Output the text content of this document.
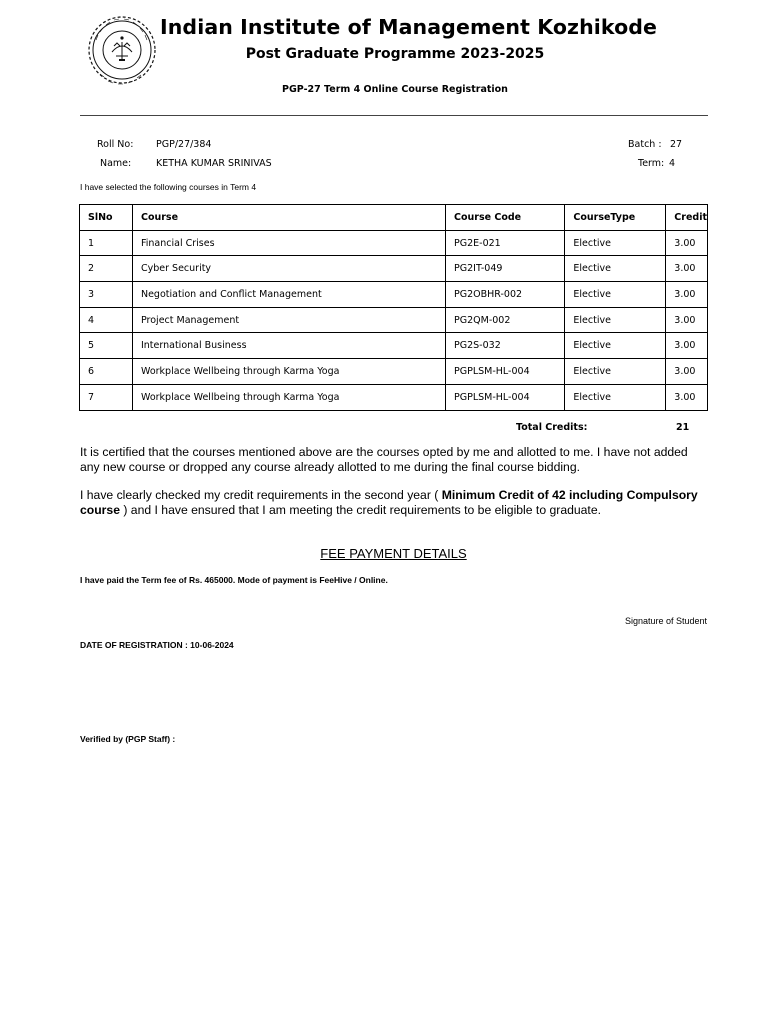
Indian Institute of Management Kozhikode
Post Graduate Programme 2023-2025
PGP-27 Term 4 Online Course Registration
Roll No: PGP/27/384
Name:	KETHA KUMAR SRINIVAS
Batch : 27
Term: 4
I have selected the following courses in Term 4
SlNo	Course	Course Code	CourseType	Credit
1	Financial Crises	PG2E-021	Elective	3.00
2	Cyber Security	PG2IT-049	Elective	3.00
3	Negotiation and Conflict Management	PG2OBHR-002	Elective	3.00
4	Project Management	PG2QM-002	Elective	3.00
5	International Business	PG2S-032	Elective	3.00
6	Workplace Wellbeing through Karma Yoga	PGPLSM-HL-004	Elective	3.00
7	Workplace Wellbeing through Karma Yoga	PGPLSM-HL-004	Elective	3.00
Total Credits:	21
It is certified that the courses mentioned above are the courses opted by me and allotted to me. I have not added any new course or dropped any course already allotted to me during the final course bidding.
I have clearly checked my credit requirements in the second year ( Minimum Credit of 42 including Compulsory course ) and I have ensured that I am meeting the credit requirements to be eligible to graduate.
FEE PAYMENT DETAILS
I have paid the Term fee of Rs. 465000. Mode of payment is FeeHive / Online.
Signature of Student
DATE OF REGISTRATION : 10-06-2024
Verified by (PGP Staff) :
